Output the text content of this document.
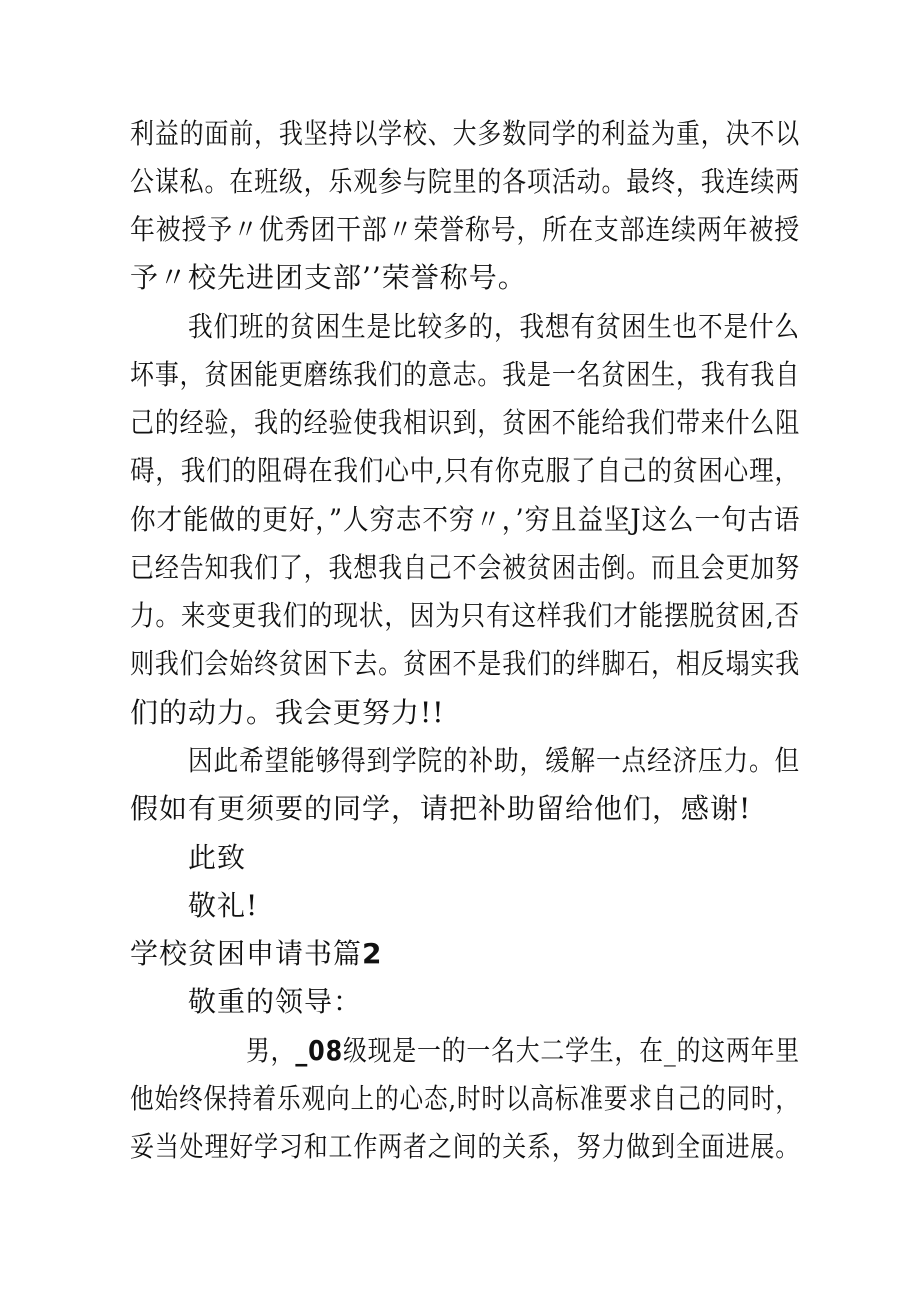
利益的面前，我坚持以学校、大多数同学的利益为重，决不以
公谋私。在班级，乐观参与院里的各项活动。最终，我连续两
年被授予〃优秀团干部〃荣誉称号，所在支部连续两年被授
予〃校先进团支部’’荣誉称号。
我们班的贫困生是比较多的，我想有贫困生也不是什么
坏事，贫困能更磨练我们的意志。我是一名贫困生，我有我自
己的经验，我的经验使我相识到，贫困不能给我们带来什么阻
碍，我们的阻碍在我们心中,只有你克服了自己的贫困心理，
你才能做的更好，”人穷志不穷〃，’穷且益坚J这么一句古语
已经告知我们了，我想我自己不会被贫困击倒。而且会更加努
力。来变更我们的现状，因为只有这样我们才能摆脱贫困,否
则我们会始终贫困下去。贫困不是我们的绊脚石，相反塌实我
们的动力。我会更努力!!
因此希望能够得到学院的补助，缓解一点经济压力。但
假如有更须要的同学，请把补助留给他们，感谢!
此致
敬礼!
学校贫困申请书篇2
敬重的领导：
男，_08级现是一的一名大二学生，在_的这两年里
他始终保持着乐观向上的心态,时时以高标准要求自己的同时，
妥当处理好学习和工作两者之间的关系，努力做到全面进展。
